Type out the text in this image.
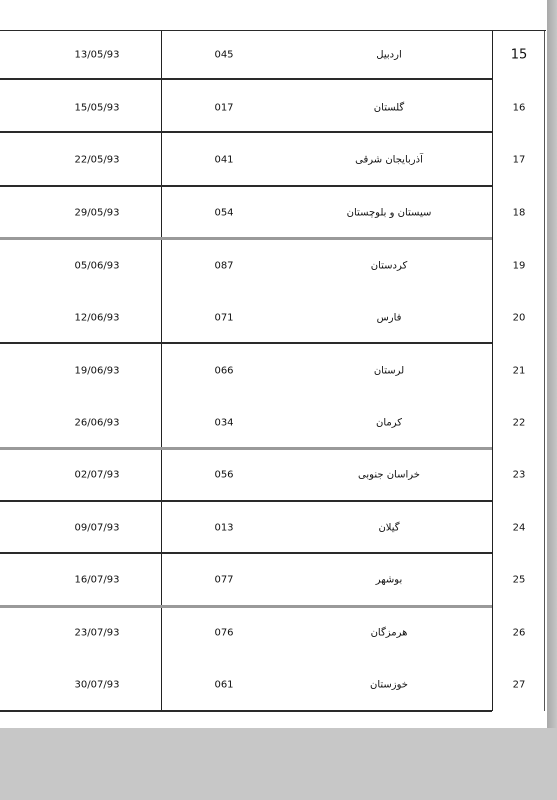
15
اردبیل
045
13/05/93
16
گلستان
017
15/05/93
17
آذربایجان شرقی
041
22/05/93
18
سیستان و بلوچستان
054
29/05/93
19
کردستان
087
05/06/93
20
فارس
071
12/06/93
21
لرستان
066
19/06/93
22
کرمان
034
26/06/93
23
خراسان جنوبی
056
02/07/93
24
گیلان
013
09/07/93
25
بوشهر
077
16/07/93
26
هرمزگان
076
23/07/93
27
خوزستان
061
30/07/93
